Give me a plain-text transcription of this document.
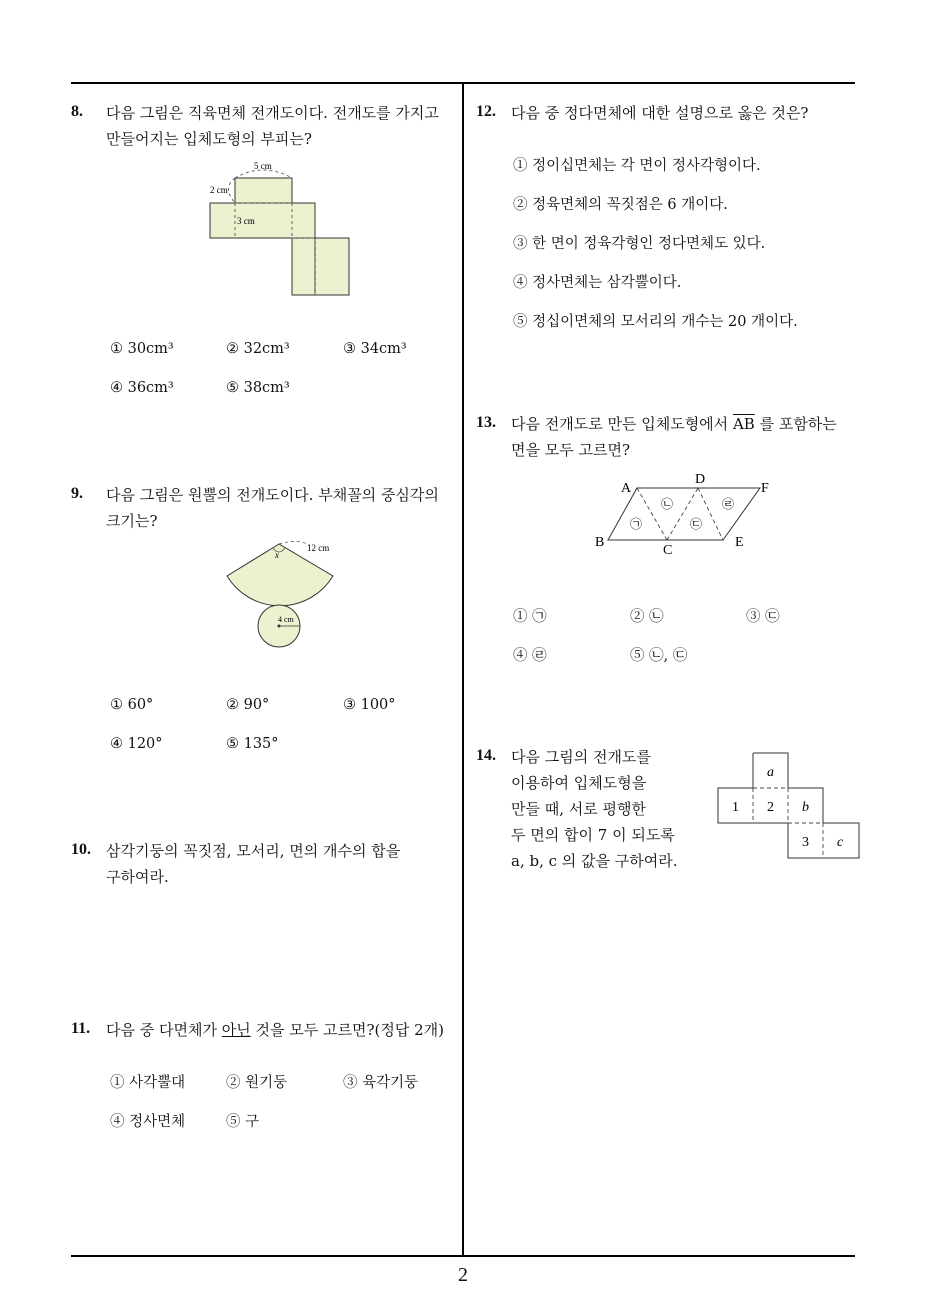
8. 다음 그림은 직육면체 전개도이다. 전개도를 가지고
만들어지는 입체도형의 부피는?
5 cm
2 cm
3 cm
① 30cm³	② 32cm³	③ 34cm³
④ 36cm³	⑤ 38cm³
9. 다음 그림은 원뿔의 전개도이다. 부채꼴의 중심각의
크기는?
x
12 cm
4 cm
① 60°	② 90°	③ 100°
④ 120°	⑤ 135°
10. 삼각기둥의 꼭짓점, 모서리, 면의 개수의 합을
구하여라.
11. 다음 중 다면체가 아닌 것을 모두 고르면?(정답 2개)
① 사각뿔대	② 원기둥	③ 육각기둥
④ 정사면체	⑤ 구
12. 다음 중 정다면체에 대한 설명으로 옳은 것은?
① 정이십면체는 각 면이 정사각형이다.
② 정육면체의 꼭짓점은 6 개이다.
③ 한 면이 정육각형인 정다면체도 있다.
④ 정사면체는 삼각뿔이다.
⑤ 정십이면체의 모서리의 개수는 20 개이다.
13. 다음 전개도로 만든 입체도형에서 $\overline{AB}$ 를 포함하는
면을 모두 고르면?
A
D
F
B
C
E
㉠
㉡
㉢
㉣
① ㉠	② ㉡	③ ㉢
④ ㉣	⑤ ㉡, ㉢
14. 다음 그림의 전개도를
이용하여 입체도형을
만들 때, 서로 평행한
두 면의 합이 7 이 되도록
a, b, c 의 값을 구하여라.
a
1 2 b
3 c
2
